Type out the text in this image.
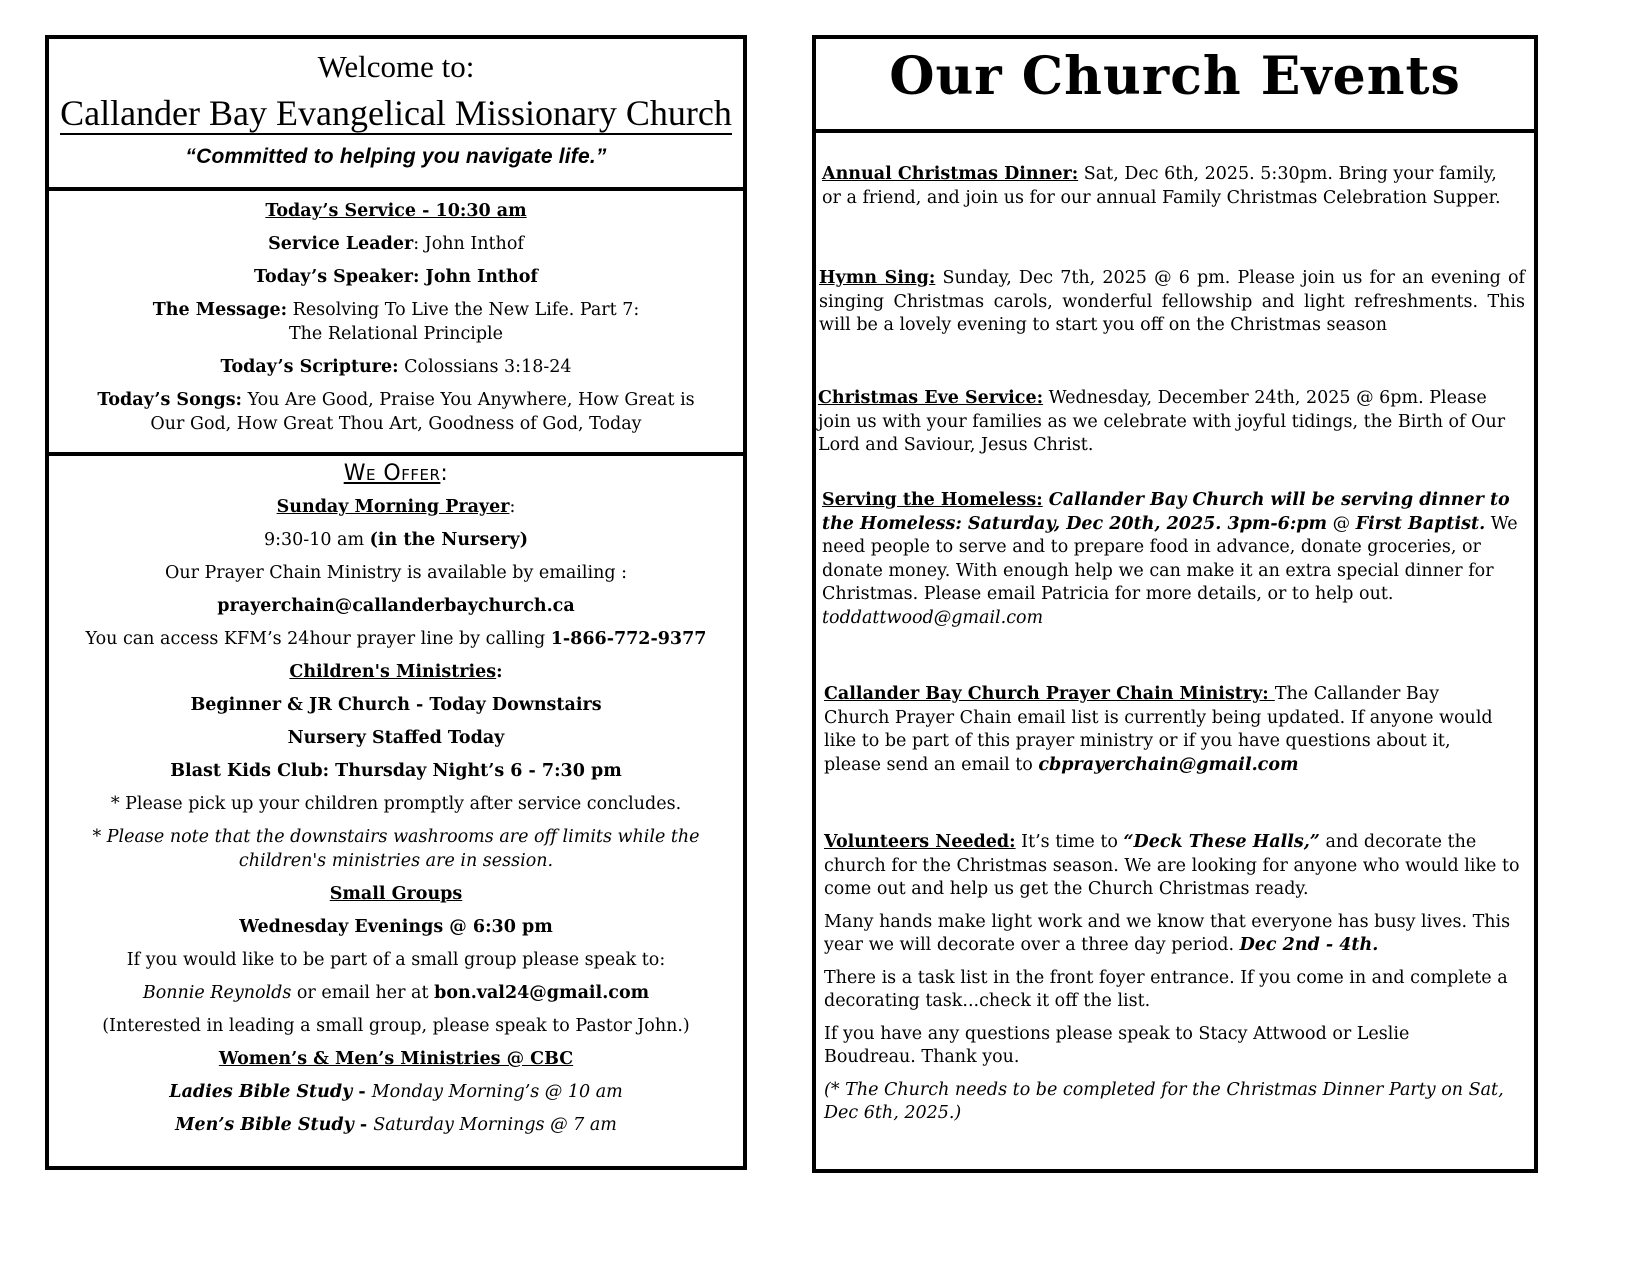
Welcome to:
Callander Bay Evangelical Missionary Church
“Committed to helping you navigate life.”

Today’s Service - 10:30 am

Service Leader: John Inthof

Today’s Speaker: John Inthof

The Message: Resolving To Live the New Life. Part 7:
The Relational Principle

Today’s Scripture: Colossians 3:18-24

Today’s Songs: You Are Good, Praise You Anywhere, How Great is
Our God, How Great Thou Art, Goodness of God, Today

We Offer:

Sunday Morning Prayer:

9:30-10 am (in the Nursery)

Our Prayer Chain Ministry is available by emailing :

prayerchain@callanderbaychurch.ca

You can access KFM’s 24hour prayer line by calling 1-866-772-9377

Children's Ministries:

Beginner & JR Church - Today Downstairs

Nursery Staffed Today

Blast Kids Club: Thursday Night’s 6 - 7:30 pm

* Please pick up your children promptly after service concludes.

* Please note that the downstairs washrooms are off limits while the
children's ministries are in session.

Small Groups

Wednesday Evenings @ 6:30 pm

If you would like to be part of a small group please speak to:

Bonnie Reynolds or email her at bon.val24@gmail.com

(Interested in leading a small group, please speak to Pastor John.)

Women’s & Men’s Ministries @ CBC

Ladies Bible Study - Monday Morning’s @ 10 am

Men’s Bible Study - Saturday Mornings @ 7 am

Our Church Events

Annual Christmas Dinner: Sat, Dec 6th, 2025. 5:30pm. Bring your family, or a friend, and join us for our annual Family Christmas Celebration Supper.

Hymn Sing: Sunday, Dec 7th, 2025 @ 6 pm. Please join us for an evening of singing Christmas carols, wonderful fellowship and light refreshments. This will be a lovely evening to start you off on the Christmas season

Christmas Eve Service: Wednesday, December 24th, 2025 @ 6pm. Please join us with your families as we celebrate with joyful tidings, the Birth of Our Lord and Saviour, Jesus Christ.

Serving the Homeless: Callander Bay Church will be serving dinner to the Homeless: Saturday, Dec 20th, 2025. 3pm-6:pm @ First Baptist. We need people to serve and to prepare food in advance, donate groceries, or donate money. With enough help we can make it an extra special dinner for Christmas. Please email Patricia for more details, or to help out. toddattwood@gmail.com

Callander Bay Church Prayer Chain Ministry: The Callander Bay Church Prayer Chain email list is currently being updated. If anyone would like to be part of this prayer ministry or if you have questions about it, please send an email to cbprayerchain@gmail.com

Volunteers Needed: It’s time to “Deck These Halls,” and decorate the church for the Christmas season. We are looking for anyone who would like to come out and help us get the Church Christmas ready.

Many hands make light work and we know that everyone has busy lives. This year we will decorate over a three day period. Dec 2nd - 4th.

There is a task list in the front foyer entrance. If you come in and complete a decorating task...check it off the list.

If you have any questions please speak to Stacy Attwood or Leslie Boudreau. Thank you.

(* The Church needs to be completed for the Christmas Dinner Party on Sat, Dec 6th, 2025.)
